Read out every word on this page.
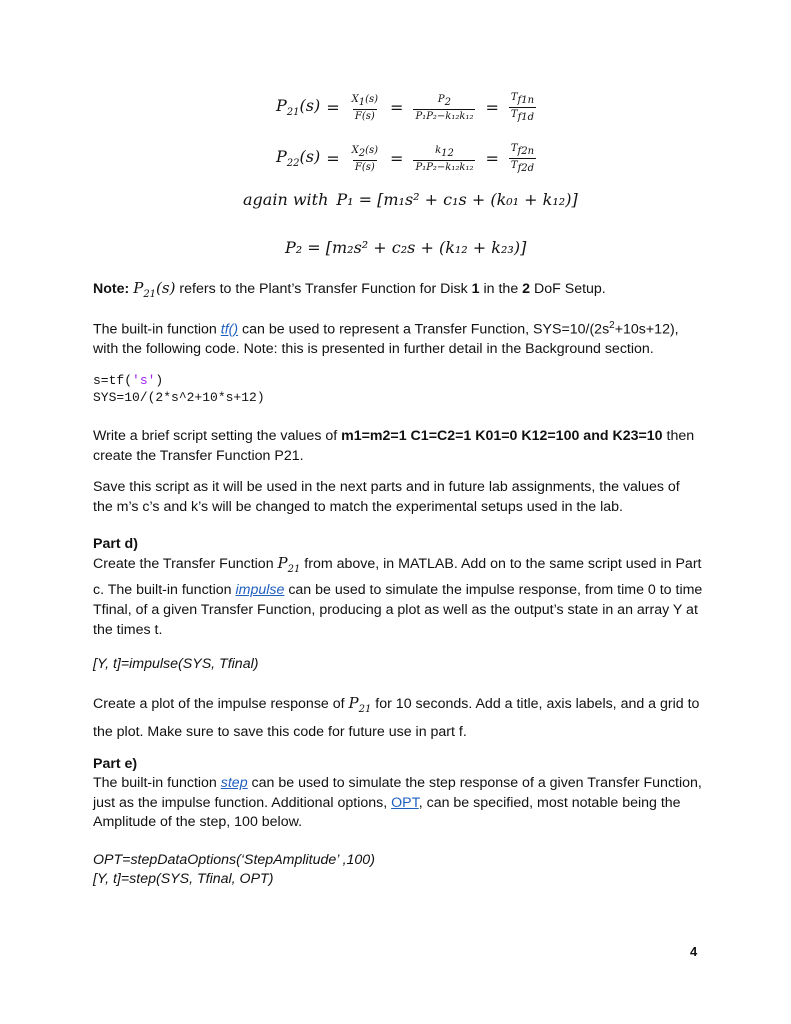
$P_{21}(s) = \frac{X_1(s)}{F(s)} = \frac{P_2}{\text{P₁P₂−k₁₂k₁₂}} = \frac{T_{f1n}}{T_{f1d}}$
$P_{22}(s) = \frac{X_2(s)}{F(s)} = \frac{k_{12}}{\text{P₁P₂−k₁₂k₁₂}} = \frac{T_{f2n}}{T_{f2d}}$
again with P₁ = [m₁s² + c₁s + (k₀₁ + k₁₂)]
P₂ = [m₂s² + c₂s + (k₁₂ + k₂₃)]

Note: $P_{21}(s)$ refers to the Plant’s Transfer Function for Disk 1 in the 2 DoF Setup.

The built-in function tf() can be used to represent a Transfer Function, $SYS=10/(2s^2+10s+12)$, with the following code. Note: this is presented in further detail in the Background section.

s=tf('s')
SYS=10/(2*s^2+10*s+12)

Write a brief script setting the values of m1=m2=1 C1=C2=1 K01=0 K12=100 and K23=10 then create the Transfer Function P21.

Save this script as it will be used in the next parts and in future lab assignments, the values of the m’s c’s and k’s will be changed to match the experimental setups used in the lab.

Part d)

Create the Transfer Function $P_{21}$ from above, in MATLAB. Add on to the same script used in Part c. The built-in function impulse can be used to simulate the impulse response, from time 0 to time Tfinal, of a given Transfer Function, producing a plot as well as the output’s state in an array Y at the times t.

[Y, t]=impulse(SYS, Tfinal)

Create a plot of the impulse response of $P_{21}$ for 10 seconds. Add a title, axis labels, and a grid to the plot. Make sure to save this code for future use in part f.

Part e)

The built-in function step can be used to simulate the step response of a given Transfer Function, just as the impulse function. Additional options, OPT, can be specified, most notable being the Amplitude of the step, 100 below.

OPT=stepDataOptions(‘StepAmplitude’ ,100)

[Y, t]=step(SYS, Tfinal, OPT)

4
